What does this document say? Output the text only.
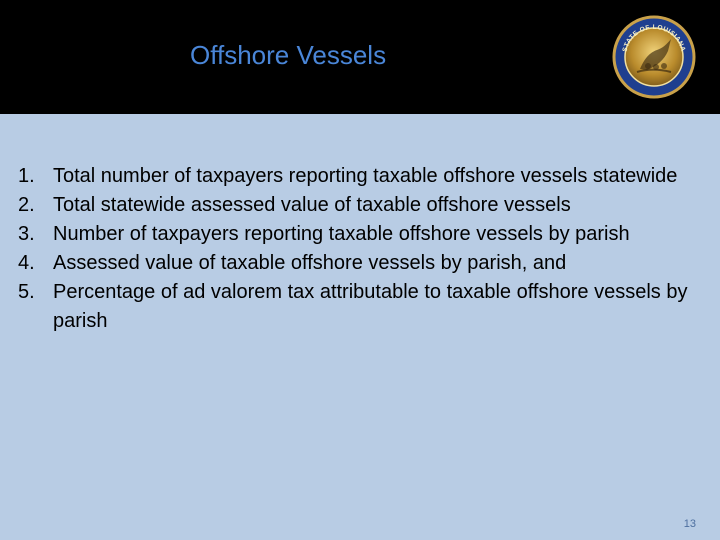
Offshore Vessels	STATE OF LOUISIANA
1. Total number of taxpayers reporting taxable offshore vessels statewide
2. Total statewide assessed value of taxable offshore vessels
3. Number of taxpayers reporting taxable offshore vessels by parish
4. Assessed value of taxable offshore vessels by parish, and
5. Percentage of ad valorem tax attributable to taxable offshore vessels by parish
13
